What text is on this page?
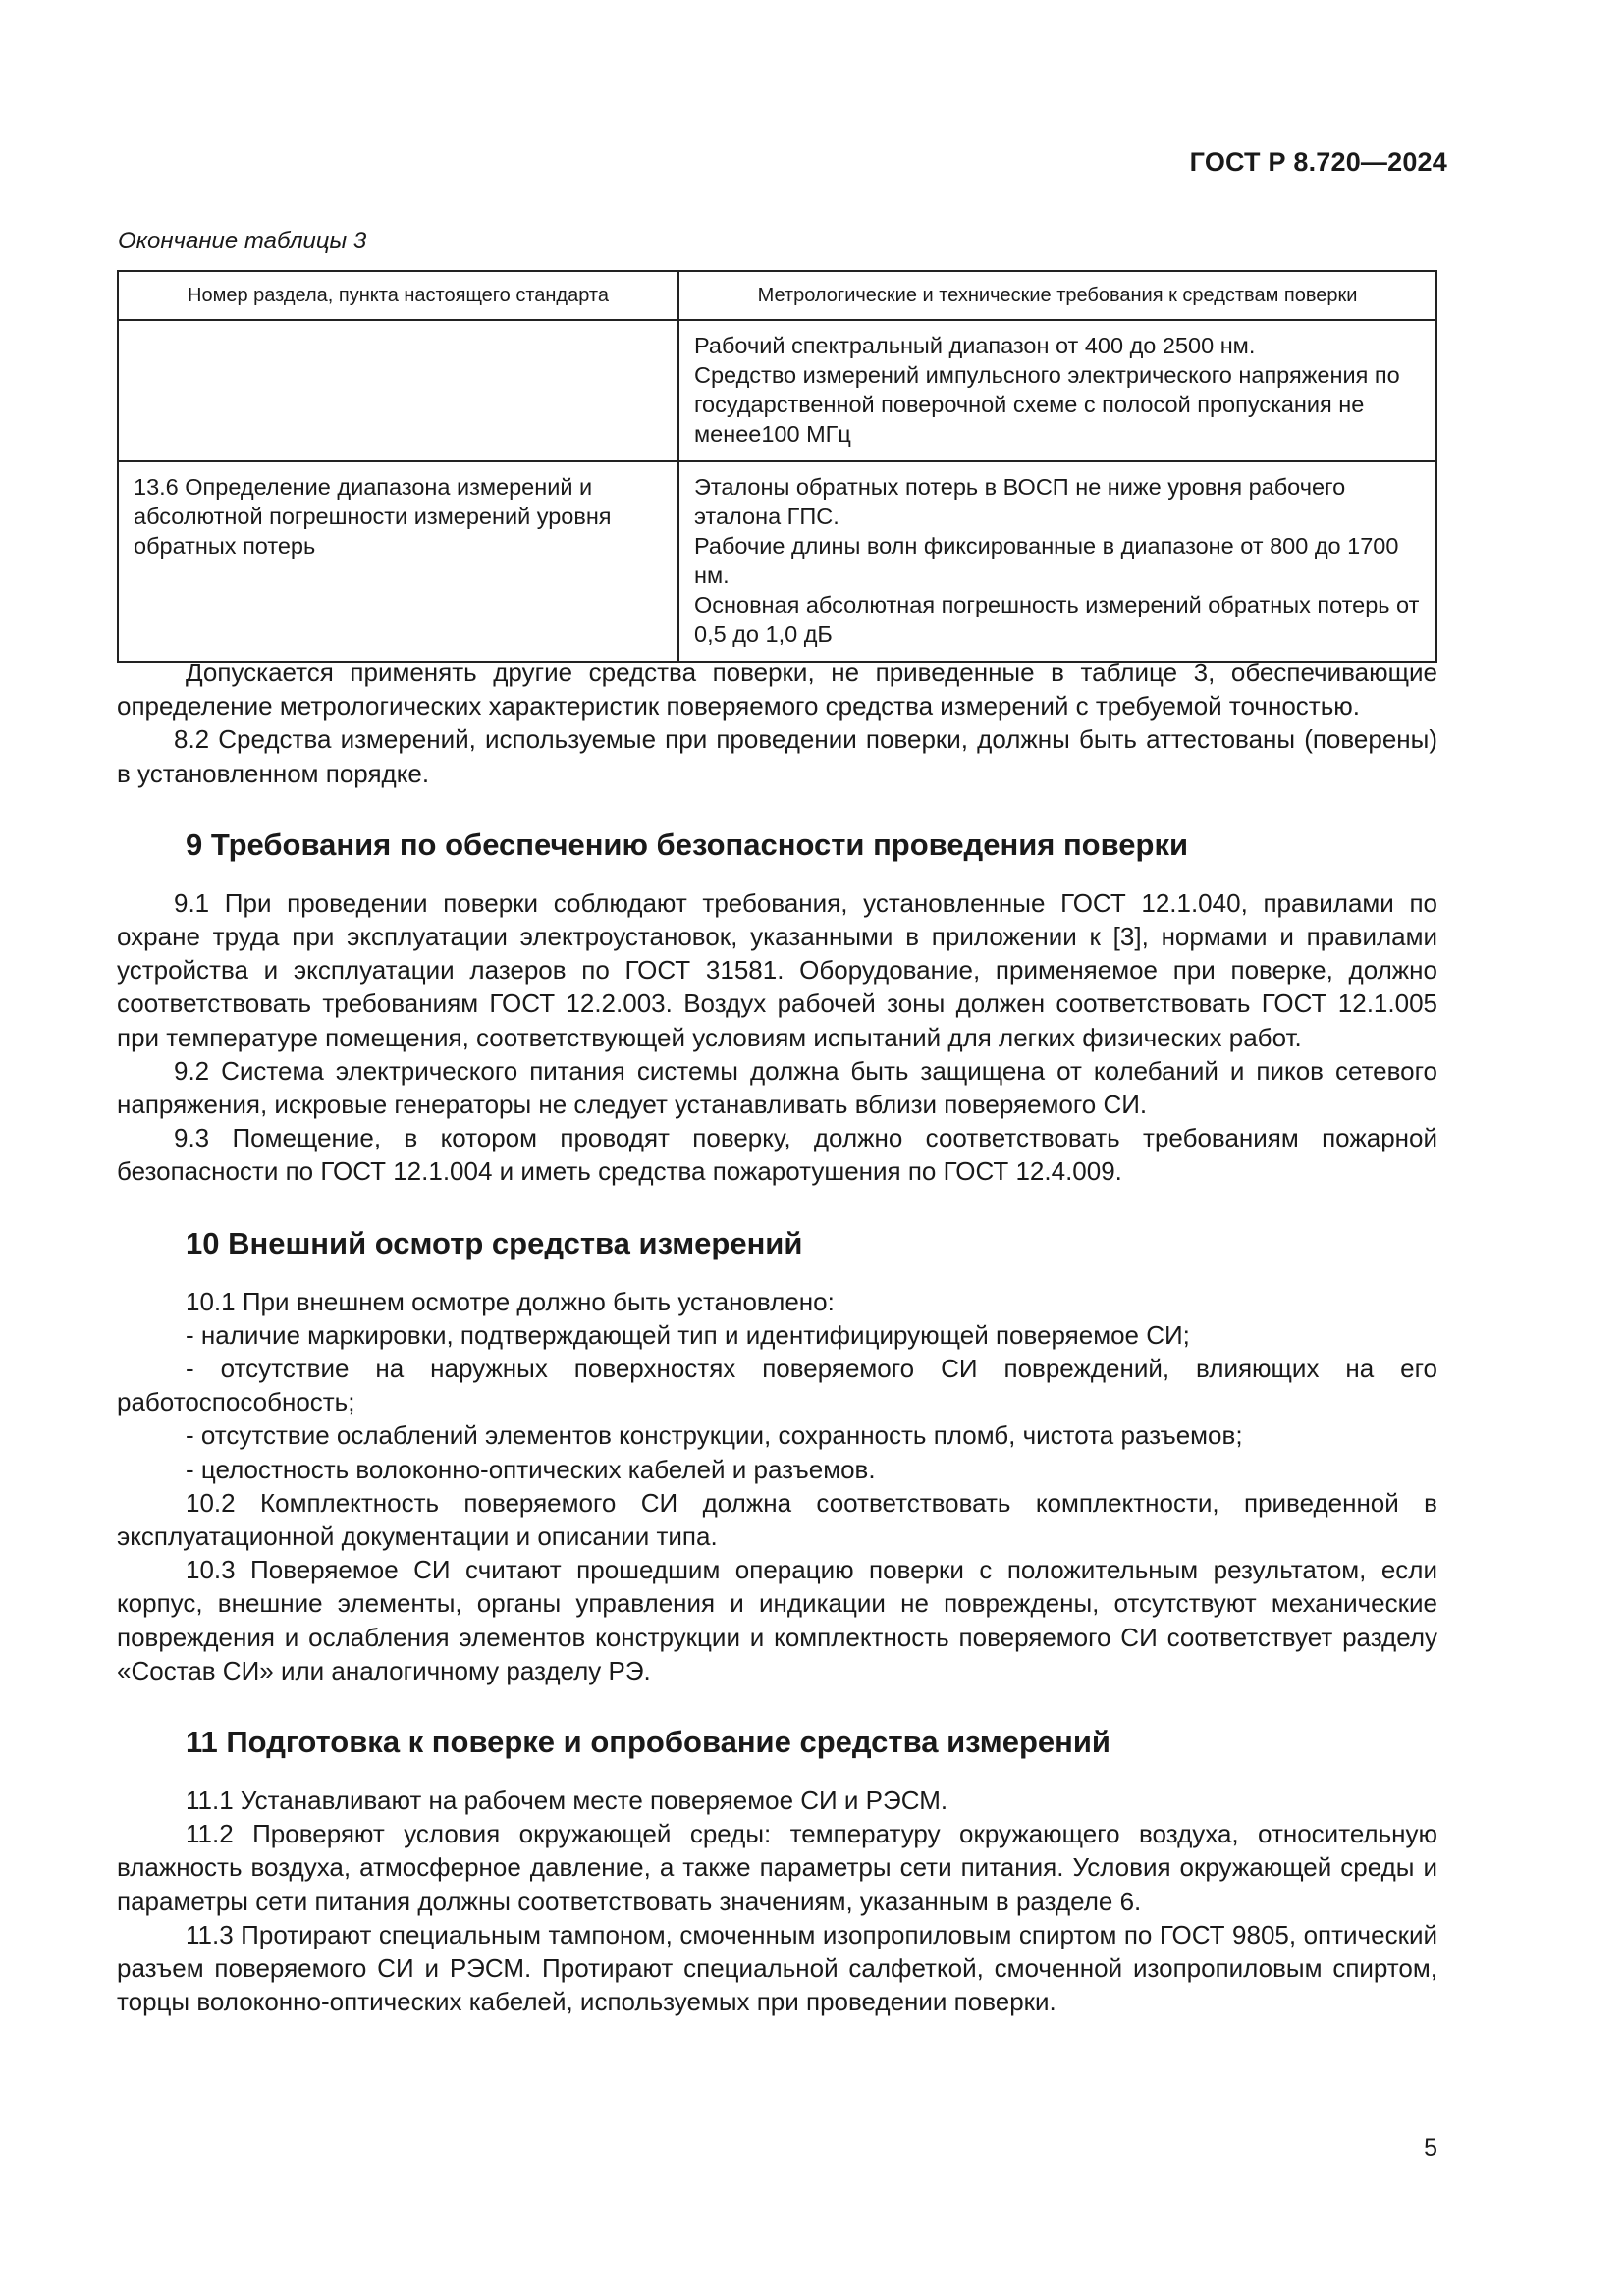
ГОСТ Р 8.720—2024
Окончание таблицы 3
Номер раздела, пункта настоящего стандарта	Метрологические и технические требования к средствам поверки

	Рабочий спектральный диапазон от 400 до 2500 нм.
Средство измерений импульсного электрического напряжения по государственной поверочной схеме с полосой пропускания не менее100 МГц

13.6 Определение диапазона измерений и абсолютной погрешности измерений уровня обратных потерь	Эталоны обратных потерь в ВОСП не ниже уровня рабочего эталона ГПС.
Рабочие длины волн фиксированные в диапазоне от 800 до 1700 нм.
Основная абсолютная погрешность измерений обратных потерь от 0,5 до 1,0 дБ

Допускается применять другие средства поверки, не приведенные в таблице 3, обеспечивающие определение метрологических характеристик поверяемого средства измерений с требуемой точностью.

8.2 Средства измерений, используемые при проведении поверки, должны быть аттестованы (поверены) в установленном порядке.

9 Требования по обеспечению безопасности проведения поверки

9.1 При проведении поверки соблюдают требования, установленные ГОСТ 12.1.040, правилами по охране труда при эксплуатации электроустановок, указанными в приложении к [3], нормами и правилами устройства и эксплуатации лазеров по ГОСТ 31581. Оборудование, применяемое при поверке, должно соответствовать требованиям ГОСТ 12.2.003. Воздух рабочей зоны должен соответствовать ГОСТ 12.1.005 при температуре помещения, соответствующей условиям испытаний для легких физических работ.

9.2 Система электрического питания системы должна быть защищена от колебаний и пиков сетевого напряжения, искровые генераторы не следует устанавливать вблизи поверяемого СИ.

9.3 Помещение, в котором проводят поверку, должно соответствовать требованиям пожарной безопасности по ГОСТ 12.1.004 и иметь средства пожаротушения по ГОСТ 12.4.009.

10 Внешний осмотр средства измерений

10.1 При внешнем осмотре должно быть установлено:

- наличие маркировки, подтверждающей тип и идентифицирующей поверяемое СИ;

- отсутствие на наружных поверхностях поверяемого СИ повреждений, влияющих на его работоспособность;

- отсутствие ослаблений элементов конструкции, сохранность пломб, чистота разъемов;

- целостность волоконно-оптических кабелей и разъемов.

10.2 Комплектность поверяемого СИ должна соответствовать комплектности, приведенной в эксплуатационной документации и описании типа.

10.3 Поверяемое СИ считают прошедшим операцию поверки с положительным результатом, если корпус, внешние элементы, органы управления и индикации не повреждены, отсутствуют механические повреждения и ослабления элементов конструкции и комплектность поверяемого СИ соответствует разделу «Состав СИ» или аналогичному разделу РЭ.

11 Подготовка к поверке и опробование средства измерений

11.1 Устанавливают на рабочем месте поверяемое СИ и РЭСМ.

11.2 Проверяют условия окружающей среды: температуру окружающего воздуха, относительную влажность воздуха, атмосферное давление, а также параметры сети питания. Условия окружающей среды и параметры сети питания должны соответствовать значениям, указанным в разделе 6.

11.3 Протирают специальным тампоном, смоченным изопропиловым спиртом по ГОСТ 9805, оптический разъем поверяемого СИ и РЭСМ. Протирают специальной салфеткой, смоченной изопропиловым спиртом, торцы волоконно-оптических кабелей, используемых при проведении поверки.

5
